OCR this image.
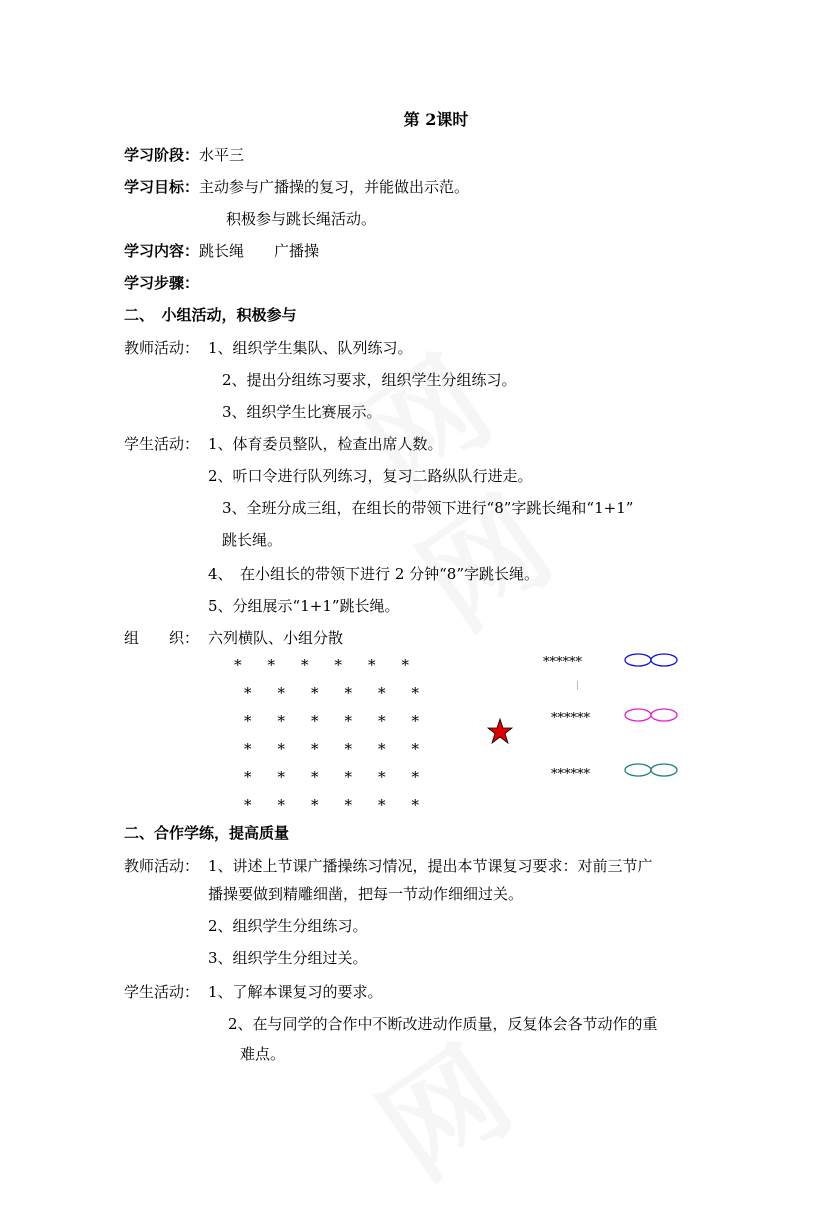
第 2课时
学习阶段：水平三
学习目标：主动参与广播操的复习，并能做出示范。
积极参与跳长绳活动。
学习内容：跳长绳　　广播操
学习步骤：
二、　小组活动，积极参与
教师活动： 1、组织学生集队、队列练习。
2、提出分组练习要求，组织学生分组练习。
3、组织学生比赛展示。
学生活动： 1、体育委员整队，检查出席人数。
2、听口令进行队列练习，复习二路纵队行进走。
3、全班分成三组，在组长的带领下进行“8”字跳长绳和“1+1”
跳长绳。
4、　在小组长的带领下进行 2 分钟“8”字跳长绳。
5、分组展示“1+1”跳长绳。
组　　织： 六列横队、小组分散
* * * * * *
* * * * * *
* * * * * *
* * * * * *
* * * * * *
* * * * * *
******
******
******
二、合作学练，提高质量
教师活动： 1、讲述上节课广播操练习情况，提出本节课复习要求：对前三节广
播操要做到精雕细凿，把每一节动作细细过关。
2、组织学生分组练习。
3、组织学生分组过关。
学生活动： 1、了解本课复习的要求。
2、在与同学的合作中不断改进动作质量，反复体会各节动作的重
难点。
